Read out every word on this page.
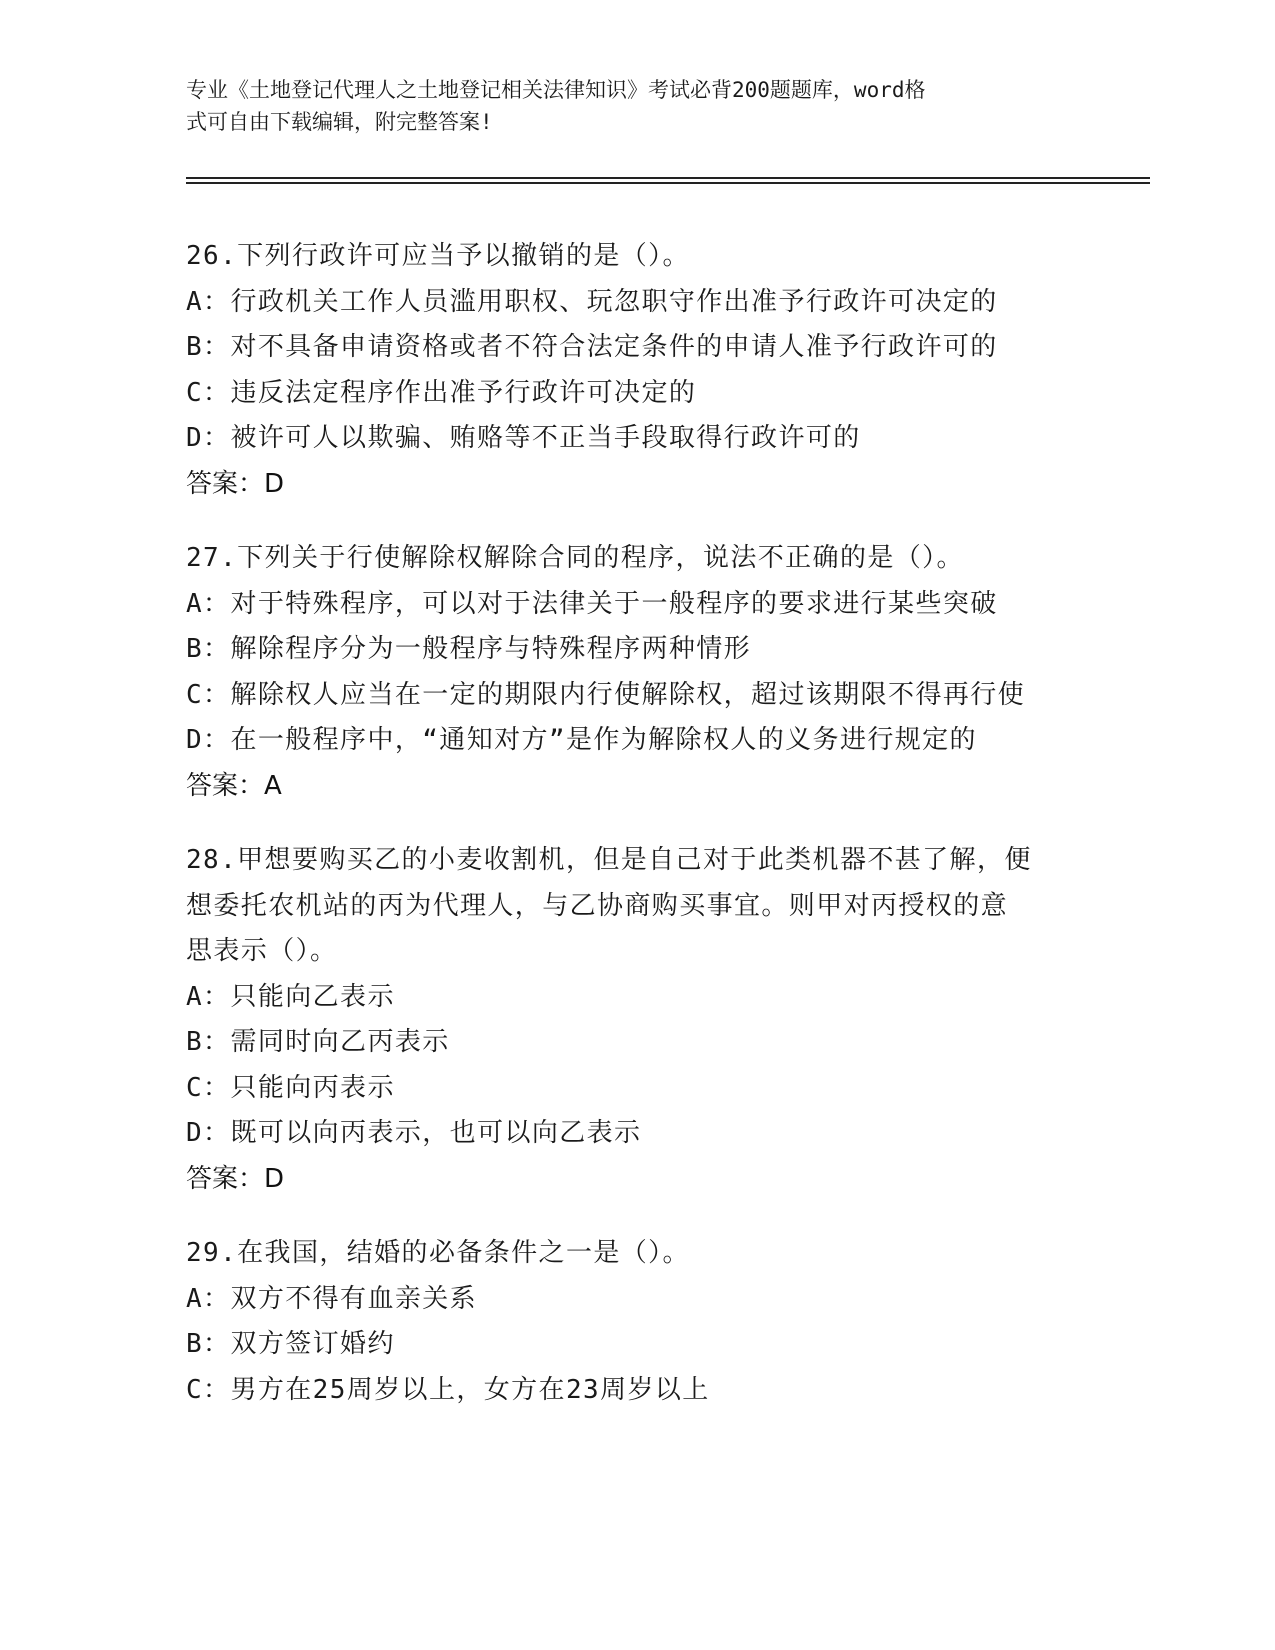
专业《土地登记代理人之土地登记相关法律知识》考试必背200题题库，word格
式可自由下载编辑，附完整答案!
26.下列行政许可应当予以撤销的是（）。
A：行政机关工作人员滥用职权、玩忽职守作出准予行政许可决定的
B：对不具备申请资格或者不符合法定条件的申请人准予行政许可的
C：违反法定程序作出准予行政许可决定的
D：被许可人以欺骗、贿赂等不正当手段取得行政许可的
答案：D
27.下列关于行使解除权解除合同的程序，说法不正确的是（）。
A：对于特殊程序，可以对于法律关于一般程序的要求进行某些突破
B：解除程序分为一般程序与特殊程序两种情形
C：解除权人应当在一定的期限内行使解除权，超过该期限不得再行使
D：在一般程序中，“通知对方”是作为解除权人的义务进行规定的
答案：A
28.甲想要购买乙的小麦收割机，但是自己对于此类机器不甚了解，便
想委托农机站的丙为代理人，与乙协商购买事宜。则甲对丙授权的意
思表示（）。
A：只能向乙表示
B：需同时向乙丙表示
C：只能向丙表示
D：既可以向丙表示，也可以向乙表示
答案：D
29.在我国，结婚的必备条件之一是（）。
A：双方不得有血亲关系
B：双方签订婚约
C：男方在25周岁以上，女方在23周岁以上
